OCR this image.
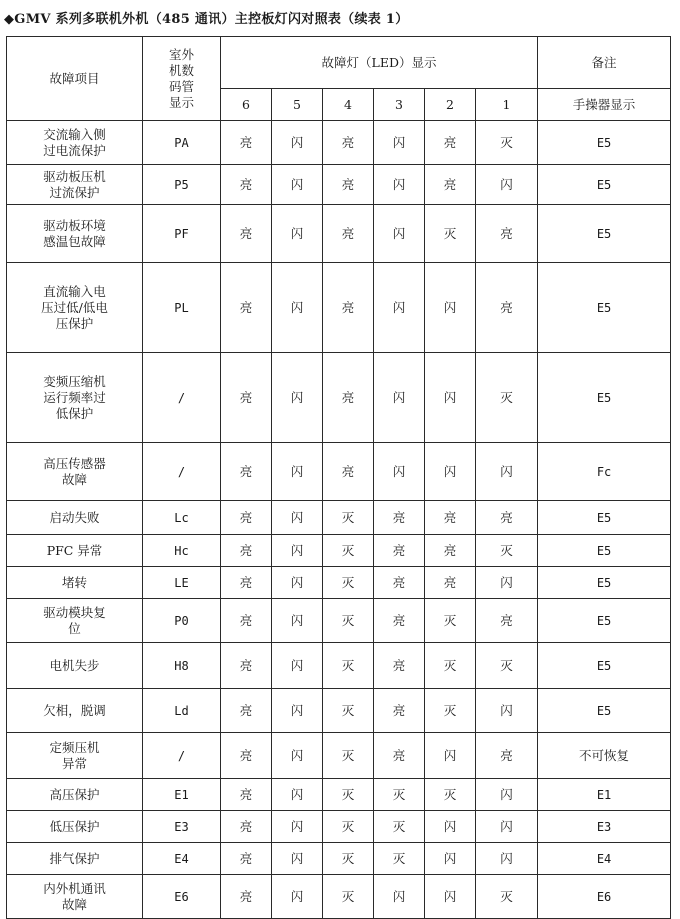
◆GMV 系列多联机外机（485 通讯）主控板灯闪对照表（续表 1）
故障项目	室外
机数
码管
显示	故障灯（LED）显示						备注
		6	5	4	3	2	1	手操器显示
交流输入侧
过电流保护	PA	亮	闪	亮	闪	亮	灭	E5
驱动板压机
过流保护	P5	亮	闪	亮	闪	亮	闪	E5
驱动板环境
感温包故障	PF	亮	闪	亮	闪	灭	亮	E5
直流输入电
压过低/低电
压保护	PL	亮	闪	亮	闪	闪	亮	E5
变频压缩机
运行频率过
低保护	/	亮	闪	亮	闪	闪	灭	E5
高压传感器
故障	/	亮	闪	亮	闪	闪	闪	Fc
启动失败	Lc	亮	闪	灭	亮	亮	亮	E5
PFC 异常	Hc	亮	闪	灭	亮	亮	灭	E5
堵转	LE	亮	闪	灭	亮	亮	闪	E5
驱动模块复
位	P0	亮	闪	灭	亮	灭	亮	E5
电机失步	H8	亮	闪	灭	亮	灭	灭	E5
欠相，脱调	Ld	亮	闪	灭	亮	灭	闪	E5
定频压机
异常	/	亮	闪	灭	亮	闪	亮	不可恢复
高压保护	E1	亮	闪	灭	灭	灭	闪	E1
低压保护	E3	亮	闪	灭	灭	闪	闪	E3
排气保护	E4	亮	闪	灭	灭	闪	闪	E4
内外机通讯
故障	E6	亮	闪	灭	闪	闪	灭	E6
